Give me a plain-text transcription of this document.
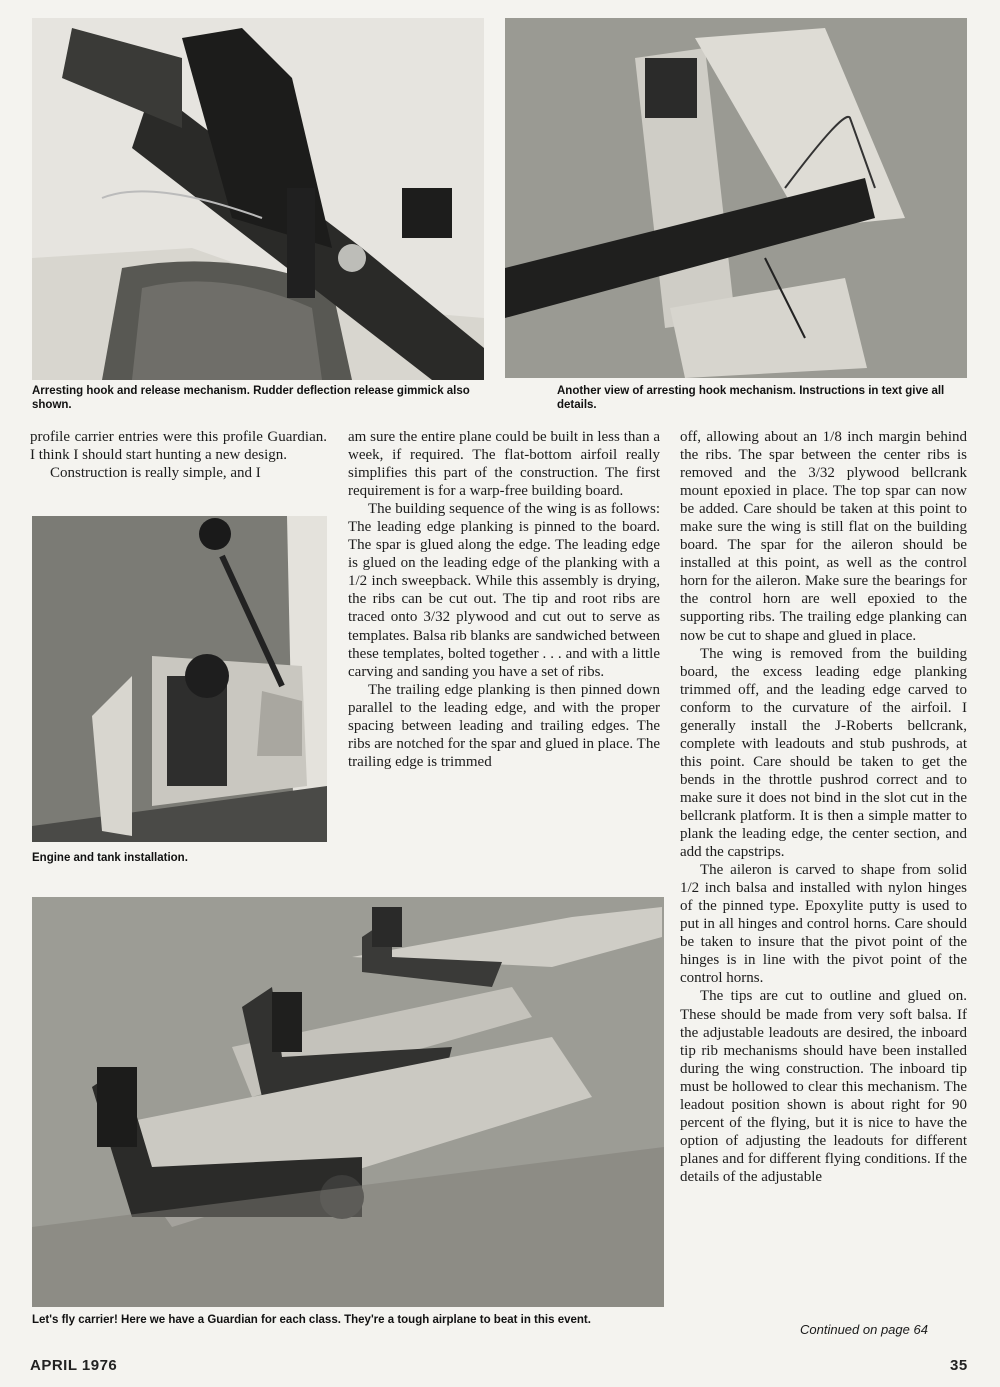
Arresting hook and release mechanism. Rudder deflection release gimmick also shown.
Another view of arresting hook mechanism. Instructions in text give all details.
Engine and tank installation.
Let's fly carrier! Here we have a Guardian for each class. They're a tough airplane to beat in this event.

profile carrier entries were this profile Guardian. I think I should start hunting a new design.

Construction is really simple, and I

am sure the entire plane could be built in less than a week, if required. The flat-bottom airfoil really simplifies this part of the construction. The first requirement is for a warp-free building board.

The building sequence of the wing is as follows: The leading edge planking is pinned to the board. The spar is glued along the edge. The leading edge is glued on the leading edge of the planking with a 1/2 inch sweepback. While this assembly is drying, the ribs can be cut out. The tip and root ribs are traced onto 3/32 plywood and cut out to serve as templates. Balsa rib blanks are sandwiched between these templates, bolted together . . . and with a little carving and sanding you have a set of ribs.

The trailing edge planking is then pinned down parallel to the leading edge, and with the proper spacing between leading and trailing edges. The ribs are notched for the spar and glued in place. The trailing edge is trimmed

off, allowing about an 1/8 inch margin behind the ribs. The spar between the center ribs is removed and the 3/32 plywood bellcrank mount epoxied in place. The top spar can now be added. Care should be taken at this point to make sure the wing is still flat on the building board. The spar for the aileron should be installed at this point, as well as the control horn for the aileron. Make sure the bearings for the control horn are well epoxied to the supporting ribs. The trailing edge planking can now be cut to shape and glued in place.

The wing is removed from the building board, the excess leading edge planking trimmed off, and the leading edge carved to conform to the curvature of the airfoil. I generally install the J-Roberts bellcrank, complete with leadouts and stub pushrods, at this point. Care should be taken to get the bends in the throttle pushrod correct and to make sure it does not bind in the slot cut in the bellcrank platform. It is then a simple matter to plank the leading edge, the center section, and add the capstrips.

The aileron is carved to shape from solid 1/2 inch balsa and installed with nylon hinges of the pinned type. Epoxylite putty is used to put in all hinges and control horns. Care should be taken to insure that the pivot point of the hinges is in line with the pivot point of the control horns.

The tips are cut to outline and glued on. These should be made from very soft balsa. If the adjustable leadouts are desired, the inboard tip rib mechanisms should have been installed during the wing construction. The inboard tip must be hollowed to clear this mechanism. The leadout position shown is about right for 90 percent of the flying, but it is nice to have the option of adjusting the leadouts for different planes and for different flying conditions. If the details of the adjustable

Continued on page 64
APRIL 1976	35
